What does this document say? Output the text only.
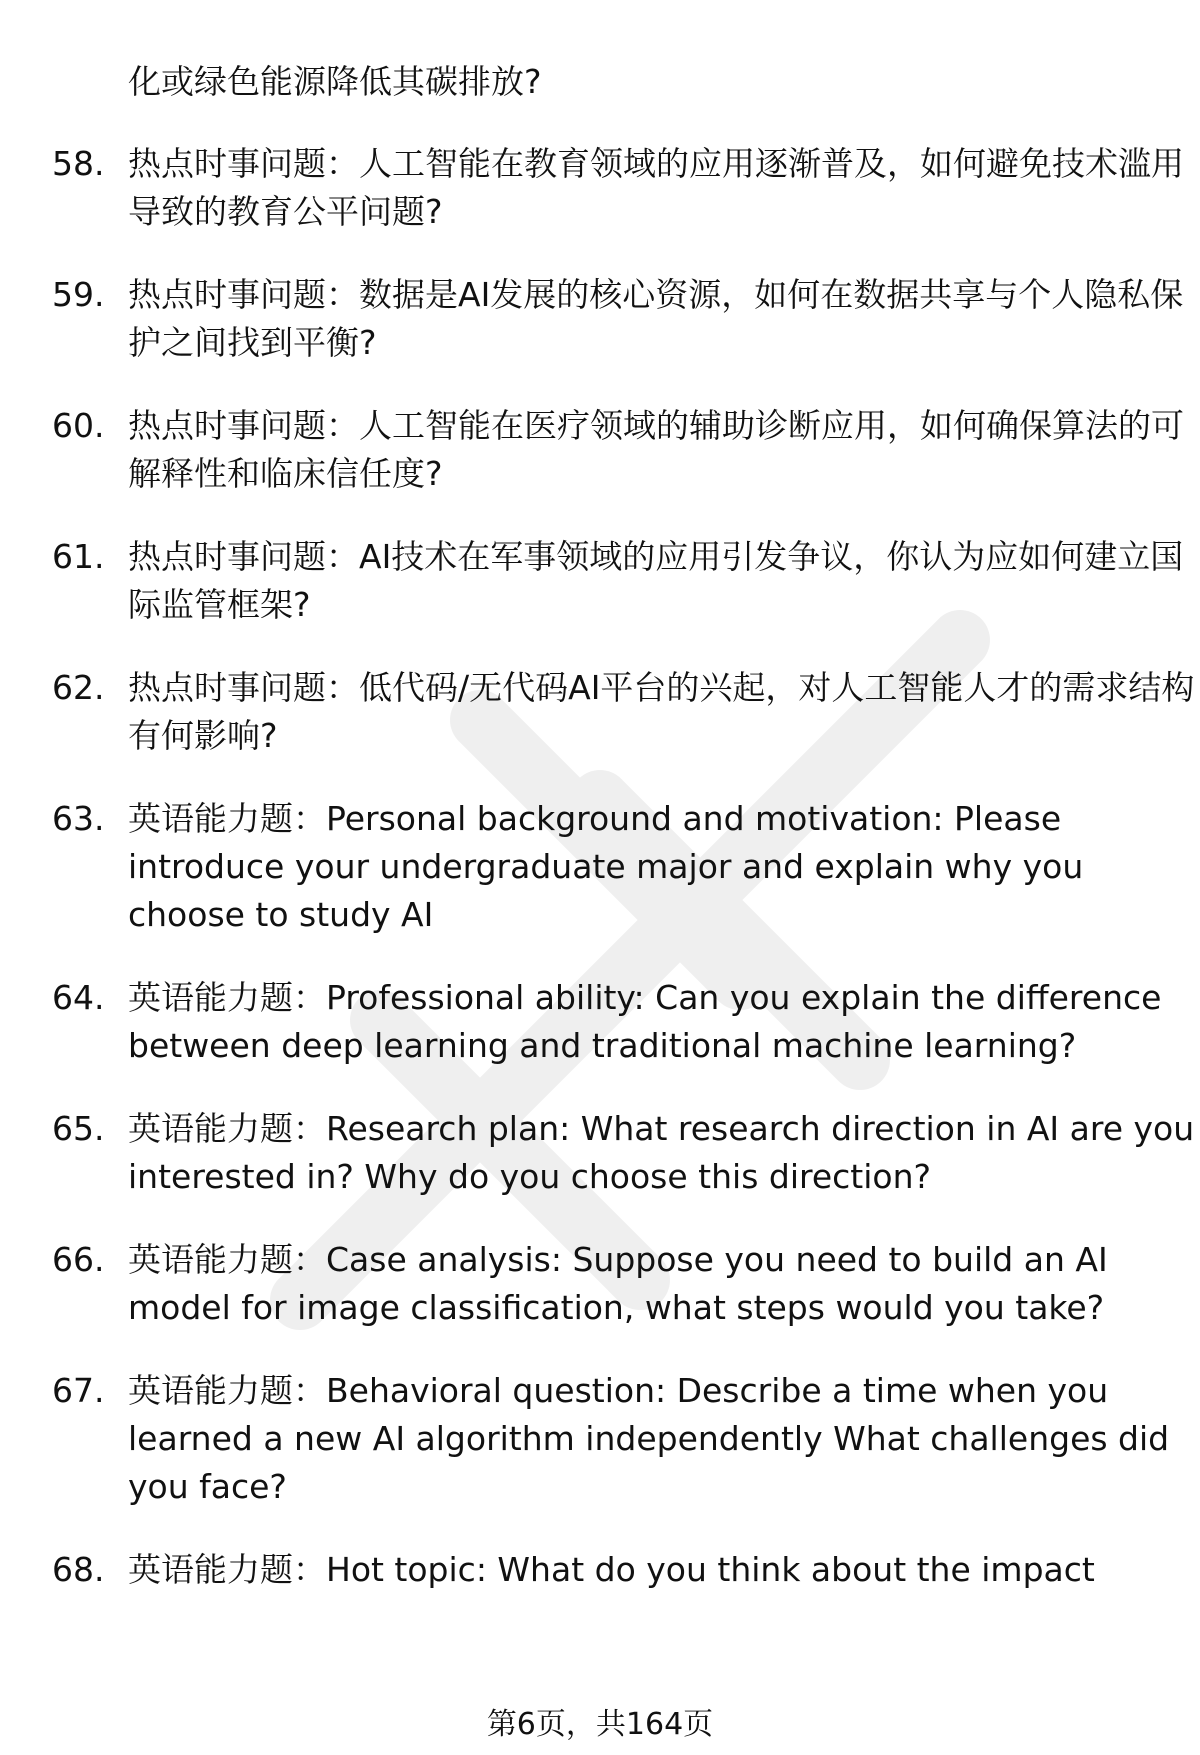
化或绿色能源降低其碳排放?
58. 热点时事问题：人工智能在教育领域的应用逐渐普及，如何避免技术滥用导致的教育公平问题?
59. 热点时事问题：数据是AI发展的核心资源，如何在数据共享与个人隐私保护之间找到平衡?
60. 热点时事问题：人工智能在医疗领域的辅助诊断应用，如何确保算法的可解释性和临床信任度?
61. 热点时事问题：AI技术在军事领域的应用引发争议，你认为应如何建立国际监管框架?
62. 热点时事问题：低代码/无代码AI平台的兴起，对人工智能人才的需求结构有何影响?
63. 英语能力题：Personal background and motivation: Please introduce your undergraduate major and explain why you choose to study AI
64. 英语能力题：Professional ability: Can you explain the difference between deep learning and traditional machine learning?
65. 英语能力题：Research plan: What research direction in AI are you interested in? Why do you choose this direction?
66. 英语能力题：Case analysis: Suppose you need to build an AI model for image classification, what steps would you take?
67. 英语能力题：Behavioral question: Describe a time when you learned a new AI algorithm independently What challenges did you face?
68. 英语能力题：Hot topic: What do you think about the impact
第6页，共164页
